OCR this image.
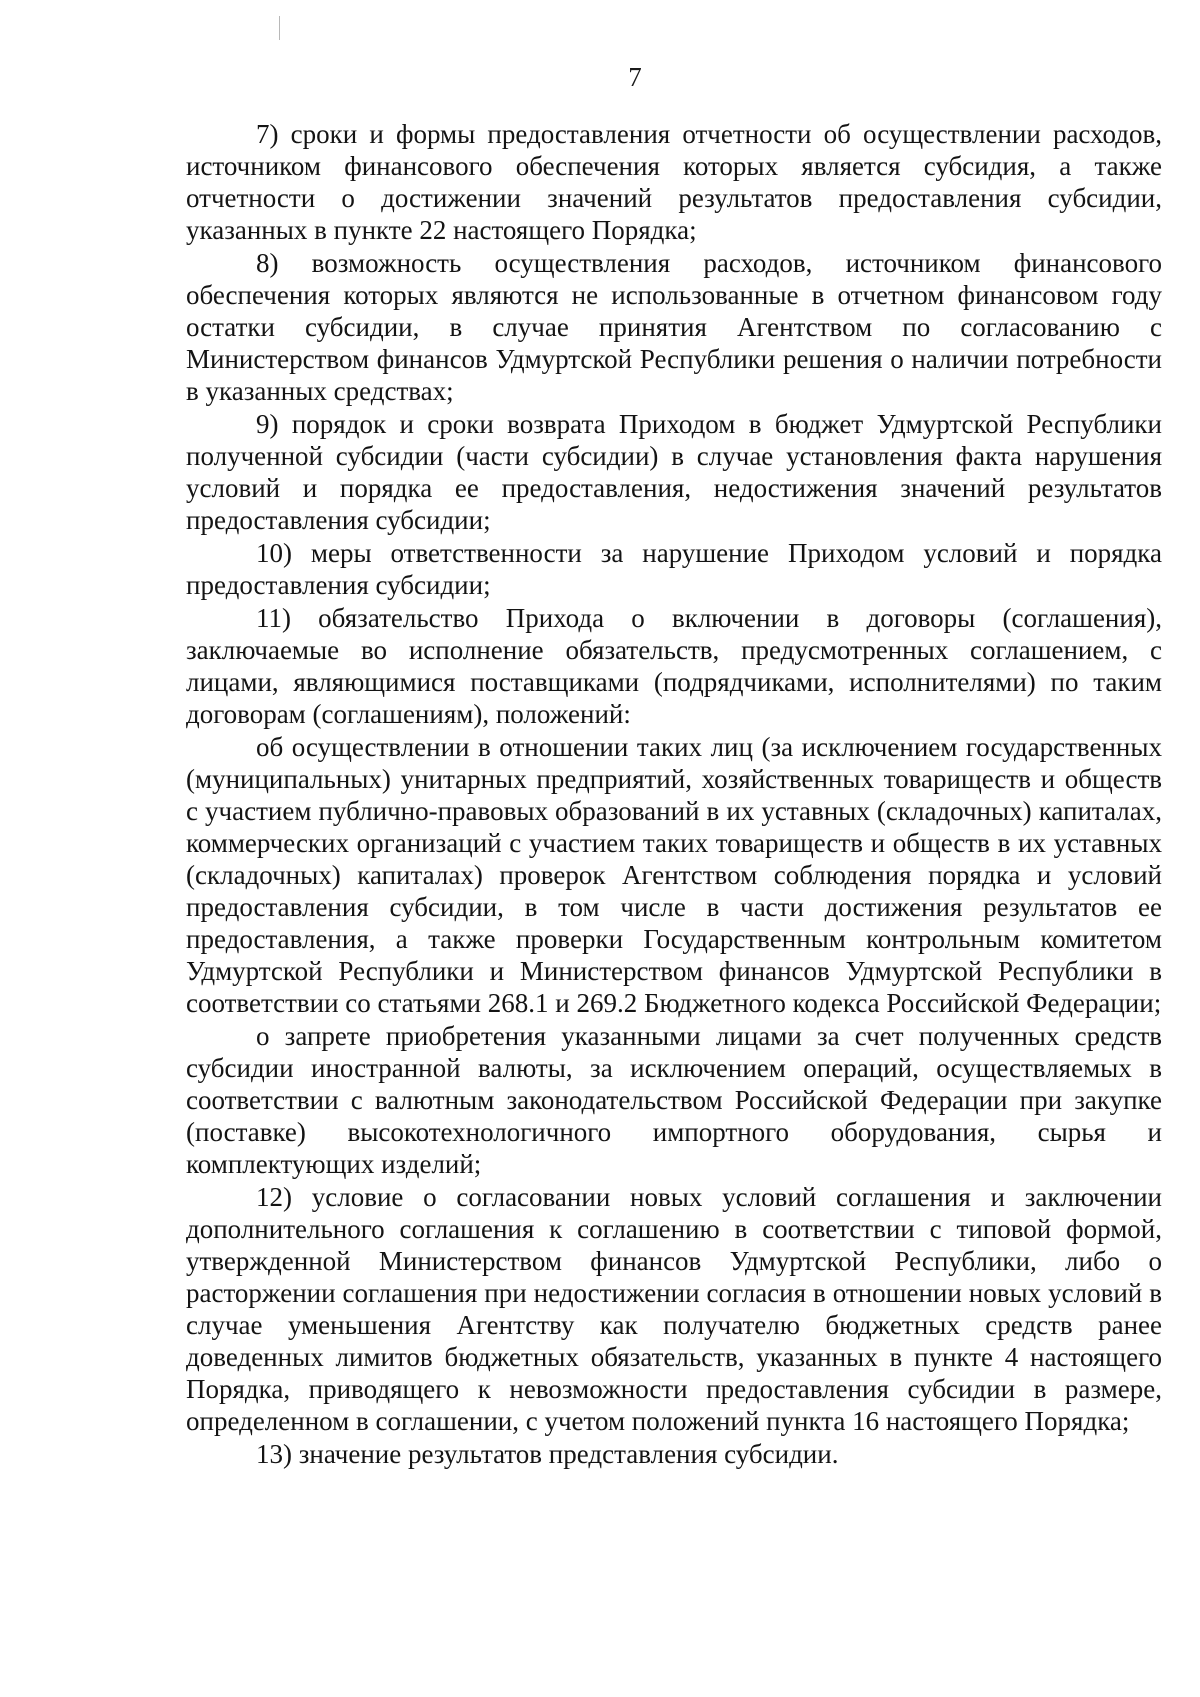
7

7) сроки и формы предоставления отчетности об осуществлении расходов, источником финансового обеспечения которых является субсидия, а также отчетности о достижении значений результатов предоставления субсидии, указанных в пункте 22 настоящего Порядка;

8) возможность осуществления расходов, источником финансового обеспечения которых являются не использованные в отчетном финансовом году остатки субсидии, в случае принятия Агентством по согласованию с Министерством финансов Удмуртской Республики решения о наличии потребности в указанных средствах;

9) порядок и сроки возврата Приходом в бюджет Удмуртской Республики полученной субсидии (части субсидии) в случае установления факта нарушения условий и порядка ее предоставления, недостижения значений результатов предоставления субсидии;

10) меры ответственности за нарушение Приходом условий и порядка предоставления субсидии;

11) обязательство Прихода о включении в договоры (соглашения), заключаемые во исполнение обязательств, предусмотренных соглашением, с лицами, являющимися поставщиками (подрядчиками, исполнителями) по таким договорам (соглашениям), положений:

об осуществлении в отношении таких лиц (за исключением государственных (муниципальных) унитарных предприятий, хозяйственных товариществ и обществ с участием публично-правовых образований в их уставных (складочных) капиталах, коммерческих организаций с участием таких товариществ и обществ в их уставных (складочных) капиталах) проверок Агентством соблюдения порядка и условий предоставления субсидии, в том числе в части достижения результатов ее предоставления, а также проверки Государственным контрольным комитетом Удмуртской Республики и Министерством финансов Удмуртской Республики в соответствии со статьями 268.1 и 269.2 Бюджетного кодекса Российской Федерации;

о запрете приобретения указанными лицами за счет полученных средств субсидии иностранной валюты, за исключением операций, осуществляемых в соответствии с валютным законодательством Российской Федерации при закупке (поставке) высокотехнологичного импортного оборудования, сырья и комплектующих изделий;

12) условие о согласовании новых условий соглашения и заключении дополнительного соглашения к соглашению в соответствии с типовой формой, утвержденной Министерством финансов Удмуртской Республики, либо о расторжении соглашения при недостижении согласия в отношении новых условий в случае уменьшения Агентству как получателю бюджетных средств ранее доведенных лимитов бюджетных обязательств, указанных в пункте 4 настоящего Порядка, приводящего к невозможности предоставления субсидии в размере, определенном в соглашении, с учетом положений пункта 16 настоящего Порядка;

13) значение результатов представления субсидии.
